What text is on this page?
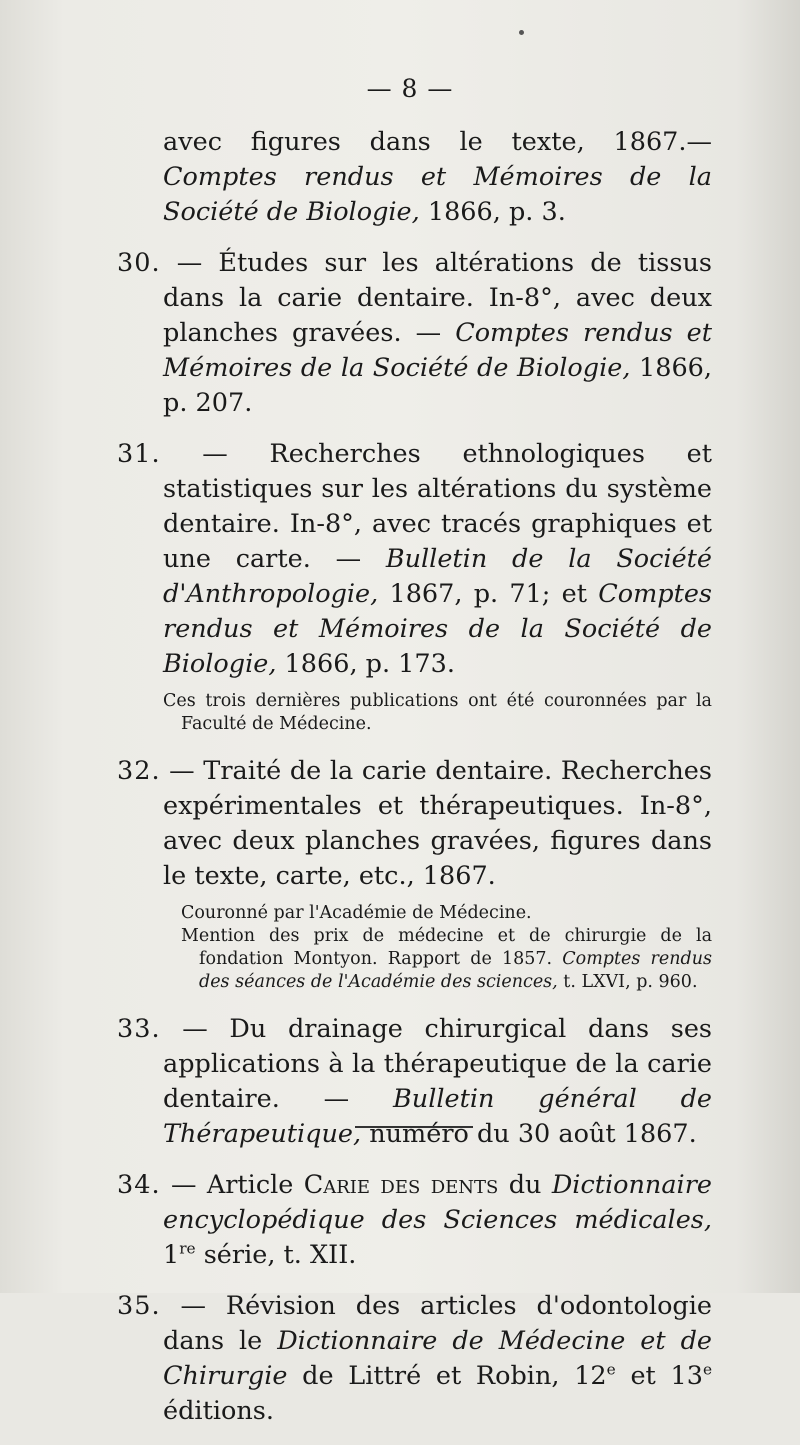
— 8 —

avec figures dans le texte, 1867.— Comptes rendus et Mémoires de la Société de Biologie, 1866, p. 3.

30. — Études sur les altérations de tissus dans la carie dentaire. In-8°, avec deux planches gravées. — Comptes rendus et Mémoires de la Société de Biologie, 1866, p. 207.

31. — Recherches ethnologiques et statistiques sur les altérations du système dentaire. In-8°, avec tracés graphiques et une carte. — Bulletin de la Société d'Anthropologie, 1867, p. 71; et Comptes rendus et Mémoires de la Société de Biologie, 1866, p. 173.

Ces trois dernières publications ont été couronnées par la Faculté de Médecine.

32. — Traité de la carie dentaire. Recherches expérimentales et thérapeutiques. In-8°, avec deux planches gravées, figures dans le texte, carte, etc., 1867.

Couronné par l'Académie de Médecine.

Mention des prix de médecine et de chirurgie de la fondation Montyon. Rapport de 1857. Comptes rendus des séances de l'Académie des sciences, t. LXVI, p. 960.

33. — Du drainage chirurgical dans ses applications à la thérapeutique de la carie dentaire. — Bulletin général de Thérapeutique, numéro du 30 août 1867.

34. — Article Carie des dents du Dictionnaire encyclopédique des Sciences médicales, 1re série, t. XII.

35. — Révision des articles d'odontologie dans le Dictionnaire de Médecine et de Chirurgie de Littré et Robin, 12e et 13e éditions.
